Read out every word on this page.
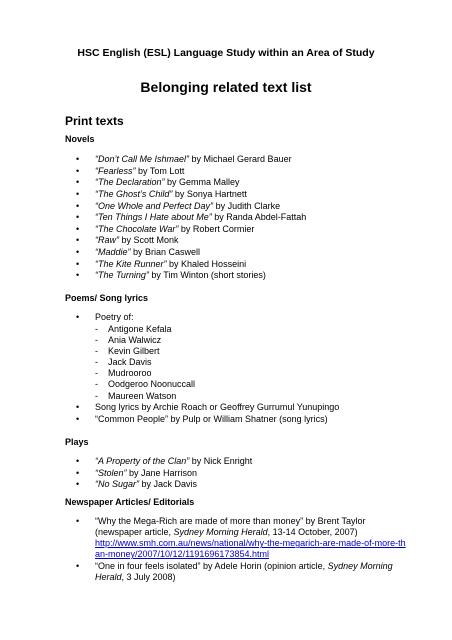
HSC English (ESL) Language Study within an Area of Study
Belonging related text list
Print texts
Novels
• “Don’t Call Me Ishmael” by Michael Gerard Bauer
• “Fearless” by Tom Lott
• “The Declaration” by Gemma Malley
• “The Ghost’s Child” by Sonya Hartnett
• “One Whole and Perfect Day” by Judith Clarke
• “Ten Things I Hate about Me” by Randa Abdel-Fattah
• “The Chocolate War” by Robert Cormier
• “Raw” by Scott Monk
• “Maddie” by Brian Caswell
• “The Kite Runner” by Khaled Hosseini
• “The Turning” by Tim Winton (short stories)
Poems/ Song lyrics
• Poetry of:
- Antigone Kefala
- Ania Walwicz
- Kevin Gilbert
- Jack Davis
- Mudrooroo
- Oodgeroo Noonuccall
- Maureen Watson
• Song lyrics by Archie Roach or Geoffrey Gurrumul Yunupingo
• “Common People” by Pulp or William Shatner (song lyrics)
Plays
• “A Property of the Clan” by Nick Enright
• “Stolen” by Jane Harrison
• “No Sugar” by Jack Davis
Newspaper Articles/ Editorials
• “Why the Mega-Rich are made of more than money” by Brent Taylor (newspaper article, Sydney Morning Herald, 13-14 October, 2007)
http://www.smh.com.au/news/national/why-the-megarich-are-made-of-more-than-money/2007/10/12/1191696173854.html
• “One in four feels isolated” by Adele Horin (opinion article, Sydney Morning Herald, 3 July 2008)
